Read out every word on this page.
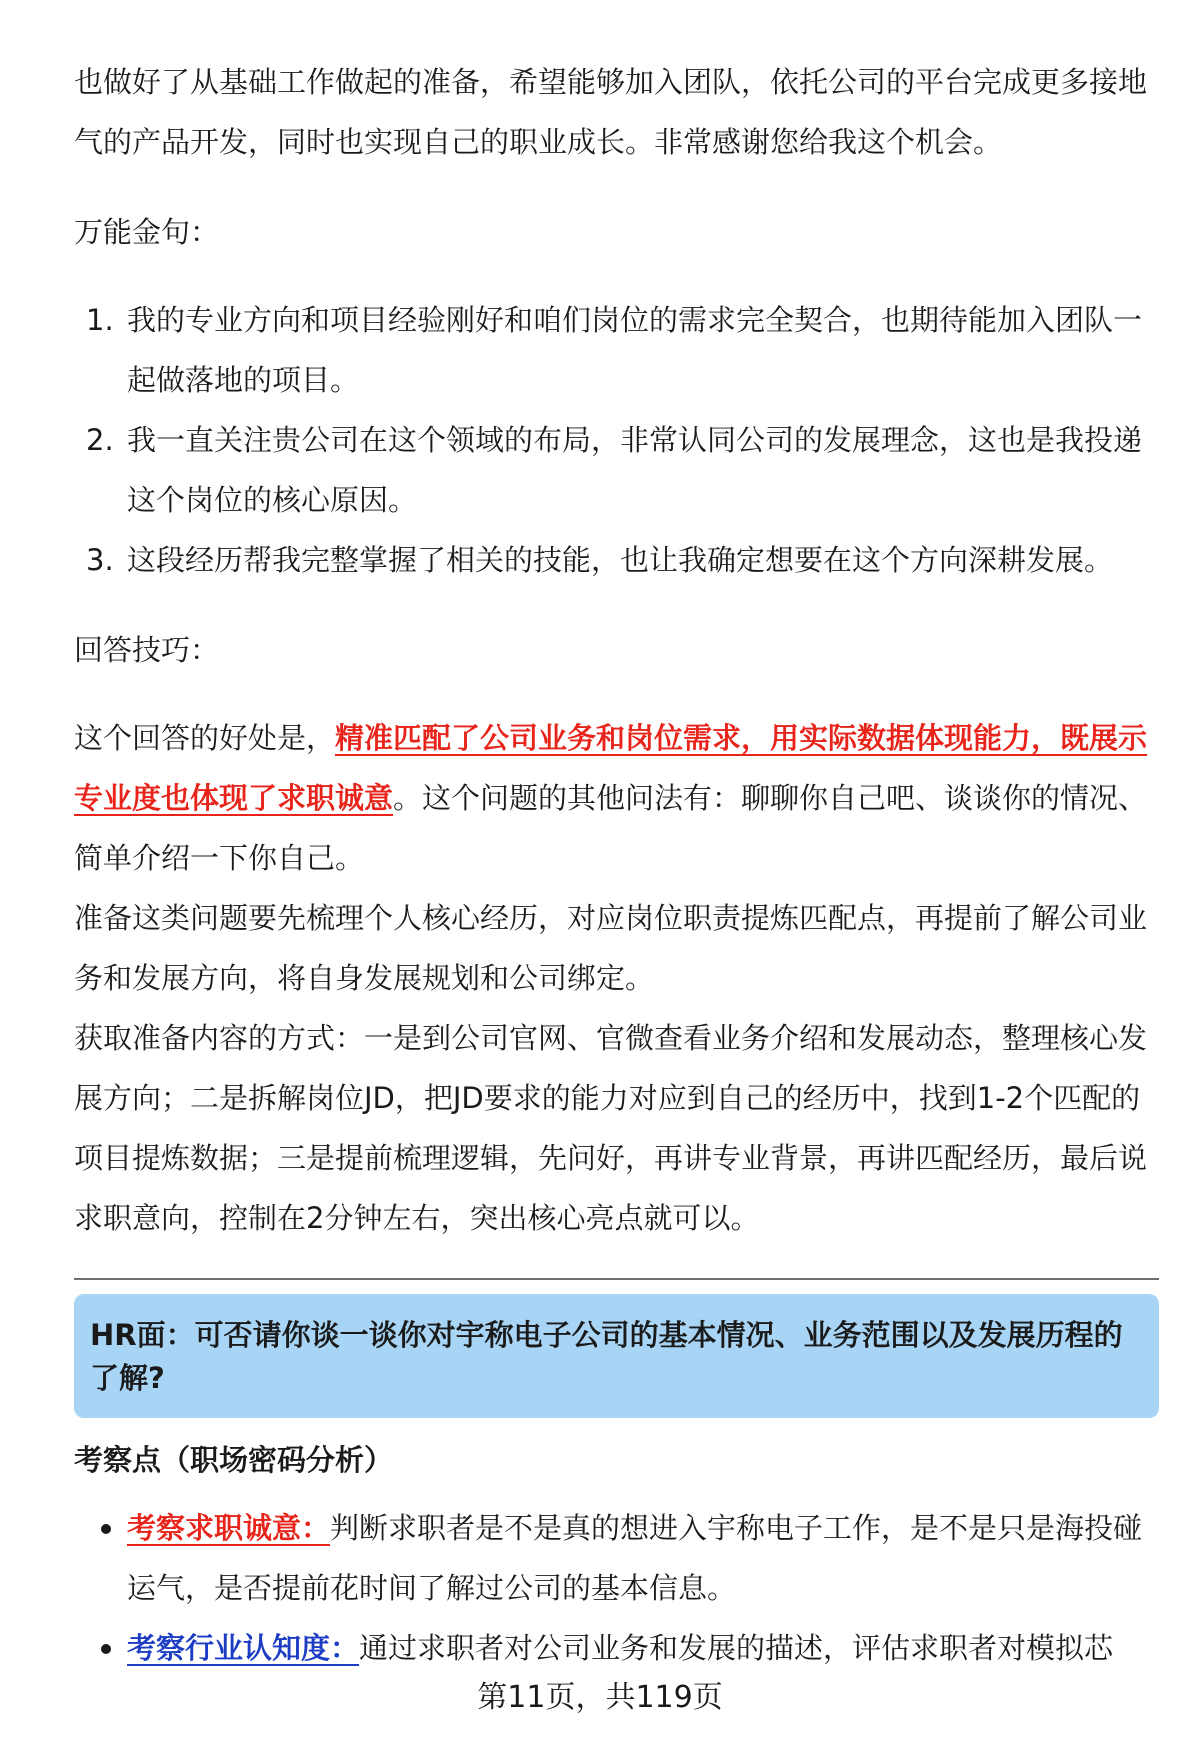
也做好了从基础工作做起的准备，希望能够加入团队，依托公司的平台完成更多接地气的产品开发，同时也实现自己的职业成长。非常感谢您给我这个机会。

万能金句：

1. 我的专业方向和项目经验刚好和咱们岗位的需求完全契合，也期待能加入团队一起做落地的项目。
2. 我一直关注贵公司在这个领域的布局，非常认同公司的发展理念，这也是我投递这个岗位的核心原因。
3. 这段经历帮我完整掌握了相关的技能，也让我确定想要在这个方向深耕发展。

回答技巧：

这个回答的好处是，精准匹配了公司业务和岗位需求，用实际数据体现能力，既展示专业度也体现了求职诚意。这个问题的其他问法有：聊聊你自己吧、谈谈你的情况、简单介绍一下你自己。

准备这类问题要先梳理个人核心经历，对应岗位职责提炼匹配点，再提前了解公司业务和发展方向，将自身发展规划和公司绑定。

获取准备内容的方式：一是到公司官网、官微查看业务介绍和发展动态，整理核心发展方向；二是拆解岗位JD，把JD要求的能力对应到自己的经历中，找到1-2个匹配的项目提炼数据；三是提前梳理逻辑，先问好，再讲专业背景，再讲匹配经历，最后说求职意向，控制在2分钟左右，突出核心亮点就可以。

HR面：可否请你谈一谈你对宇称电子公司的基本情况、业务范围以及发展历程的了解?
考察点（职场密码分析）
考察求职诚意：判断求职者是不是真的想进入宇称电子工作，是不是只是海投碰运气，是否提前花时间了解过公司的基本信息。
考察行业认知度：通过求职者对公司业务和发展的描述，评估求职者对模拟芯
第11页，共119页
